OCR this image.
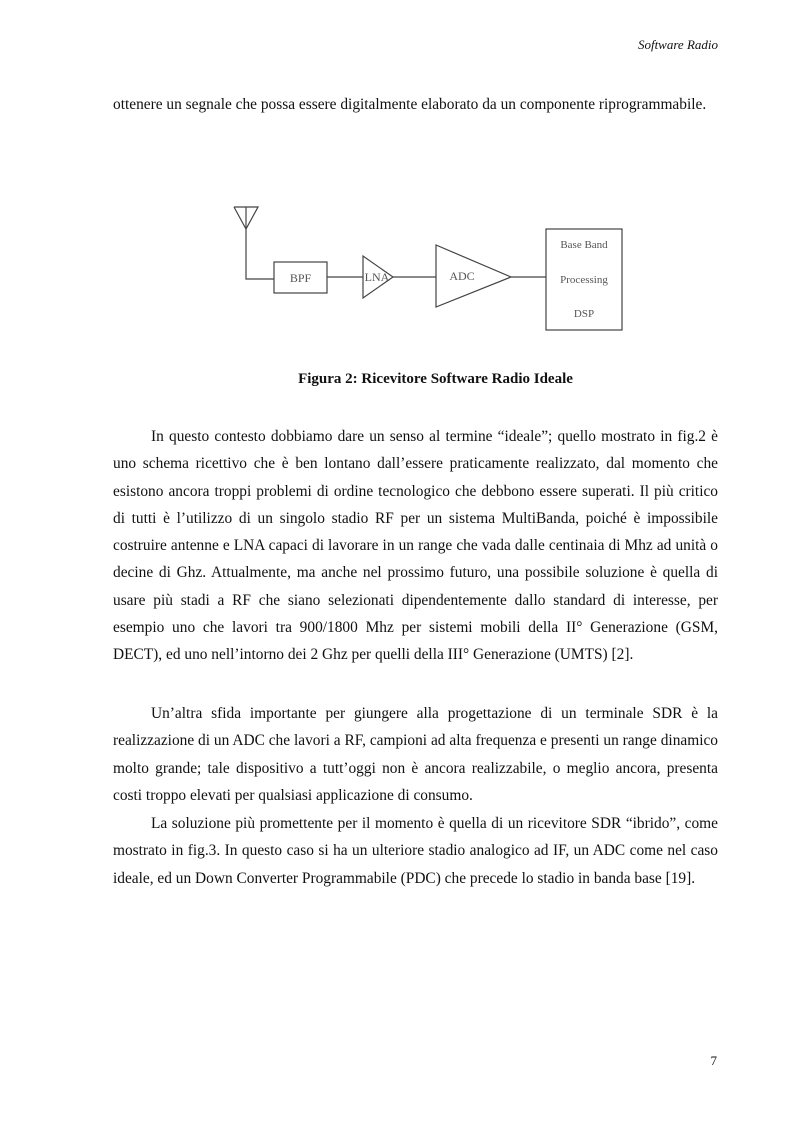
Software Radio

ottenere un segnale che possa essere digitalmente elaborato da un componente riprogrammabile.

BPF	LNA	ADC
Base Band
Processing
DSP

Figura 2: Ricevitore Software Radio Ideale

In questo contesto dobbiamo dare un senso al termine “ideale”; quello mostrato in fig.2 è uno schema ricettivo che è ben lontano dall’essere praticamente realizzato, dal momento che esistono ancora troppi problemi di ordine tecnologico che debbono essere superati. Il più critico di tutti è l’utilizzo di un singolo stadio RF per un sistema MultiBanda, poiché è impossibile costruire antenne e LNA capaci di lavorare in un range che vada dalle centinaia di Mhz ad unità o decine di Ghz. Attualmente, ma anche nel prossimo futuro, una possibile soluzione è quella di usare più stadi a RF che siano selezionati dipendentemente dallo standard di interesse, per esempio uno che lavori tra 900/1800 Mhz per sistemi mobili della II° Generazione (GSM, DECT), ed uno nell’intorno dei 2 Ghz per quelli della III° Generazione (UMTS) [2].

Un’altra sfida importante per giungere alla progettazione di un terminale SDR è la realizzazione di un ADC che lavori a RF, campioni ad alta frequenza e presenti un range dinamico molto grande; tale dispositivo a tutt’oggi non è ancora realizzabile, o meglio ancora, presenta costi troppo elevati per qualsiasi applicazione di consumo.

La soluzione più promettente per il momento è quella di un ricevitore SDR “ibrido”, come mostrato in fig.3. In questo caso si ha un ulteriore stadio analogico ad IF, un ADC come nel caso ideale, ed un Down Converter Programmabile (PDC) che precede lo stadio in banda base [19].

7
